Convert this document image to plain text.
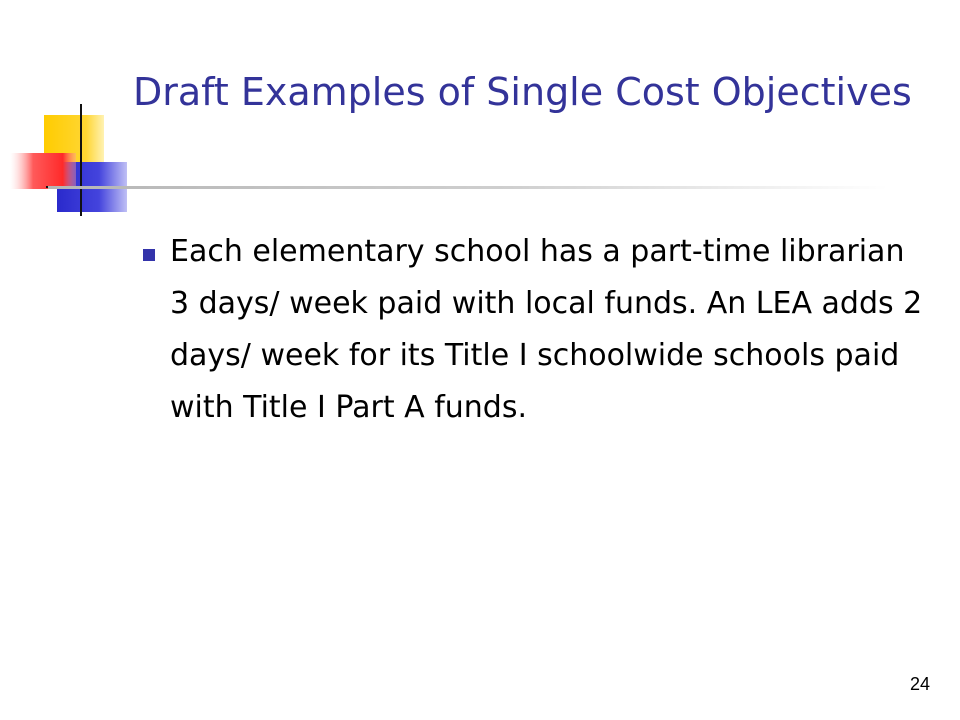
Draft Examples of Single Cost Objectives
Each elementary school has a part-time librarian 3 days/ week paid with local funds. An LEA adds 2 days/ week for its Title I schoolwide schools paid with Title I Part A funds.
24
